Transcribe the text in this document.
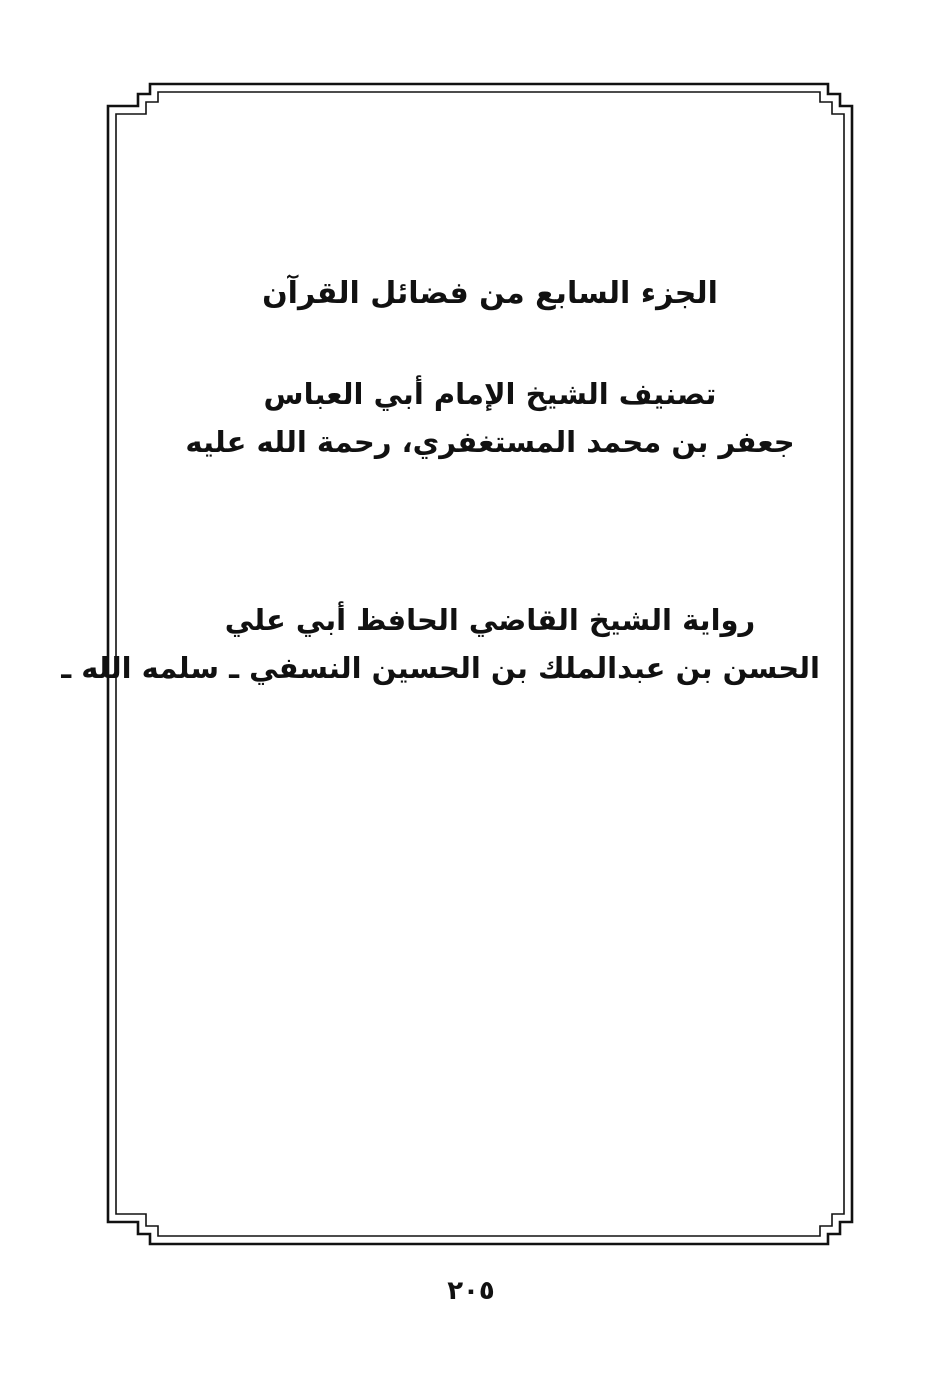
الجزء السابع من فضائل القرآن
تصنيف الشيخ الإمام أبي العباس
جعفر بن محمد المستغفري، رحمة الله عليه
رواية الشيخ القاضي الحافظ أبي علي
الحسن بن عبدالملك بن الحسين النسفي ـ سلمه الله ـ
٢٠٥
